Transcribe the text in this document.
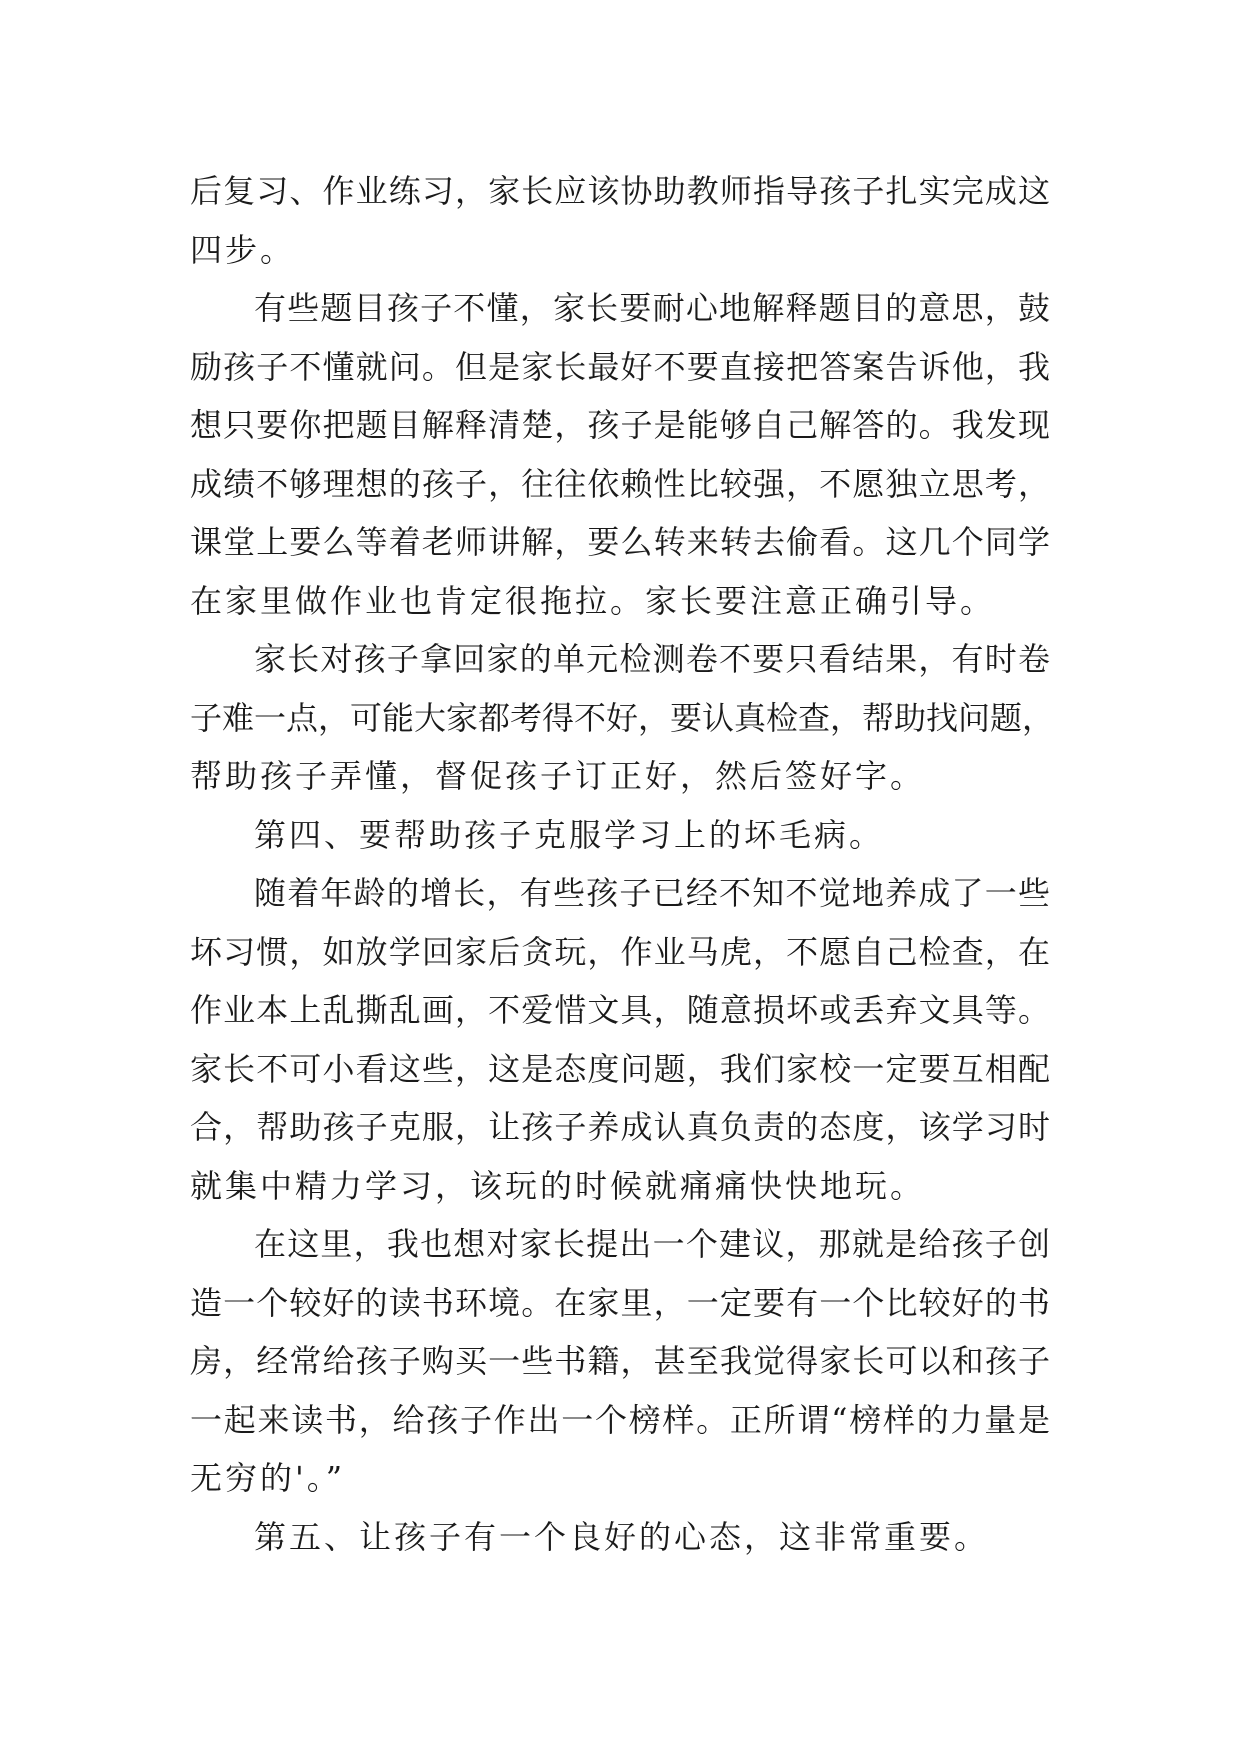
后复习、作业练习，家长应该协助教师指导孩子扎实完成这
四步。
有些题目孩子不懂，家长要耐心地解释题目的意思，鼓
励孩子不懂就问。但是家长最好不要直接把答案告诉他，我
想只要你把题目解释清楚，孩子是能够自己解答的。我发现
成绩不够理想的孩子，往往依赖性比较强，不愿独立思考，
课堂上要么等着老师讲解，要么转来转去偷看。这几个同学
在家里做作业也肯定很拖拉。家长要注意正确引导。
家长对孩子拿回家的单元检测卷不要只看结果，有时卷
子难一点，可能大家都考得不好，要认真检查，帮助找问题，
帮助孩子弄懂，督促孩子订正好，然后签好字。
第四、要帮助孩子克服学习上的坏毛病。
随着年龄的增长，有些孩子已经不知不觉地养成了一些
坏习惯，如放学回家后贪玩，作业马虎，不愿自己检查，在
作业本上乱撕乱画，不爱惜文具，随意损坏或丢弃文具等。
家长不可小看这些，这是态度问题，我们家校一定要互相配
合，帮助孩子克服，让孩子养成认真负责的态度，该学习时
就集中精力学习，该玩的时候就痛痛快快地玩。
在这里，我也想对家长提出一个建议，那就是给孩子创
造一个较好的读书环境。在家里，一定要有一个比较好的书
房，经常给孩子购买一些书籍，甚至我觉得家长可以和孩子
一起来读书，给孩子作出一个榜样。正所谓“榜样的力量是
无穷的'。”
第五、让孩子有一个良好的心态，这非常重要。
